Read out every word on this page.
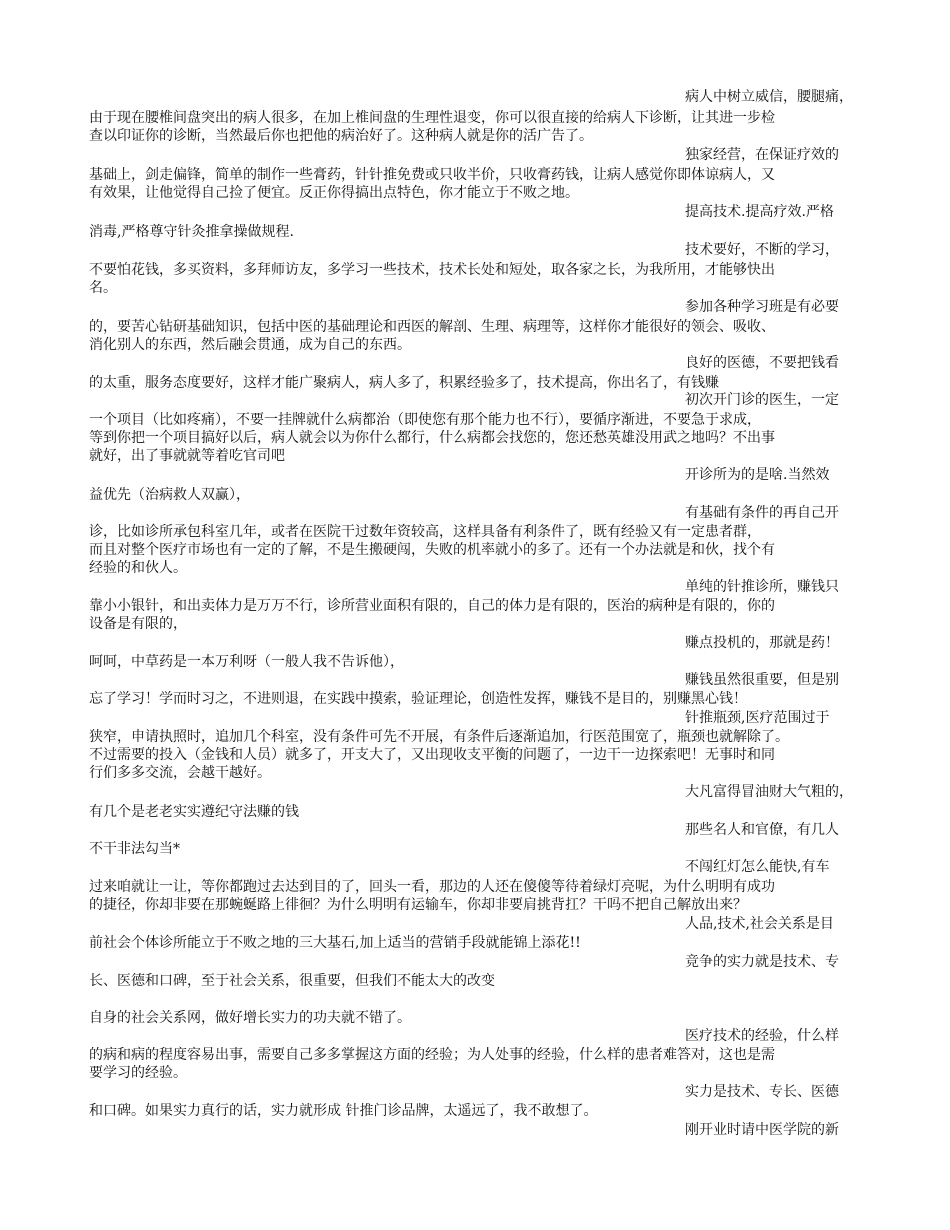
病人中树立威信，腰腿痛，
由于现在腰椎间盘突出的病人很多，在加上椎间盘的生理性退变，你可以很直接的给病人下诊断，让其进一步检
查以印证你的诊断，当然最后你也把他的病治好了。这种病人就是你的活广告了。
独家经营，在保证疗效的
基础上，剑走偏锋，简单的制作一些膏药，针针推免费或只收半价，只收膏药钱，让病人感觉你即体谅病人，又
有效果，让他觉得自己捡了便宜。反正你得搞出点特色，你才能立于不败之地。
提高技术.提高疗效.严格
消毒,严格尊守针灸推拿操做规程.
技术要好，不断的学习，
不要怕花钱，多买资料，多拜师访友，多学习一些技术，技术长处和短处，取各家之长，为我所用，才能够快出
名。
参加各种学习班是有必要
的，要苦心钻研基础知识，包括中医的基础理论和西医的解剖、生理、病理等，这样你才能很好的领会、吸收、
消化别人的东西，然后融会贯通，成为自己的东西。
良好的医德，不要把钱看
的太重，服务态度要好，这样才能广聚病人，病人多了，积累经验多了，技术提高，你出名了，有钱赚
初次开门诊的医生，一定
一个项目（比如疼痛），不要一挂牌就什么病都治（即使您有那个能力也不行），要循序渐进，不要急于求成，
等到你把一个项目搞好以后，病人就会以为你什么都行，什么病都会找您的，您还愁英雄没用武之地吗？不出事
就好，出了事就就等着吃官司吧
开诊所为的是啥.当然效
益优先（治病救人双赢），
有基础有条件的再自己开
诊，比如诊所承包科室几年，或者在医院干过数年资较高，这样具备有利条件了，既有经验又有一定患者群，
而且对整个医疗市场也有一定的了解，不是生搬硬闯，失败的机率就小的多了。还有一个办法就是和伙，找个有
经验的和伙人。
单纯的针推诊所，赚钱只
靠小小银针，和出卖体力是万万不行，诊所营业面积有限的，自己的体力是有限的，医治的病种是有限的，你的
设备是有限的，
赚点投机的，那就是药！
呵呵，中草药是一本万利呀（一般人我不告诉他），
赚钱虽然很重要，但是别
忘了学习！学而时习之，不进则退，在实践中摸索，验证理论，创造性发挥，赚钱不是目的，别赚黑心钱！
针推瓶颈,医疗范围过于
狭窄，申请执照时，追加几个科室，没有条件可先不开展，有条件后逐渐追加，行医范围宽了，瓶颈也就解除了。
不过需要的投入（金钱和人员）就多了，开支大了，又出现收支平衡的问题了，一边干一边探索吧！无事时和同
行们多多交流，会越干越好。
大凡富得冒油财大气粗的，
有几个是老老实实遵纪守法赚的钱
那些名人和官僚，有几人
不干非法勾当*
不闯红灯怎么能快,有车
过来咱就让一让，等你都跑过去达到目的了，回头一看，那边的人还在傻傻等待着绿灯亮呢，为什么明明有成功
的捷径，你却非要在那蜿蜒路上徘徊？为什么明明有运输车，你却非要肩挑背扛？干吗不把自己解放出来？
人品,技术,社会关系是目
前社会个体诊所能立于不败之地的三大基石,加上适当的营销手段就能锦上添花!!
竞争的实力就是技术、专
长、医德和口碑，至于社会关系，很重要，但我们不能太大的改变
自身的社会关系网，做好增长实力的功夫就不错了。
医疗技术的经验，什么样
的病和病的程度容易出事，需要自己多多掌握这方面的经验；为人处事的经验，什么样的患者难答对，这也是需
要学习的经验。
实力是技术、专长、医德
和口碑。如果实力真行的话，实力就形成 针推门诊品牌，太遥远了，我不敢想了。
刚开业时请中医学院的新
